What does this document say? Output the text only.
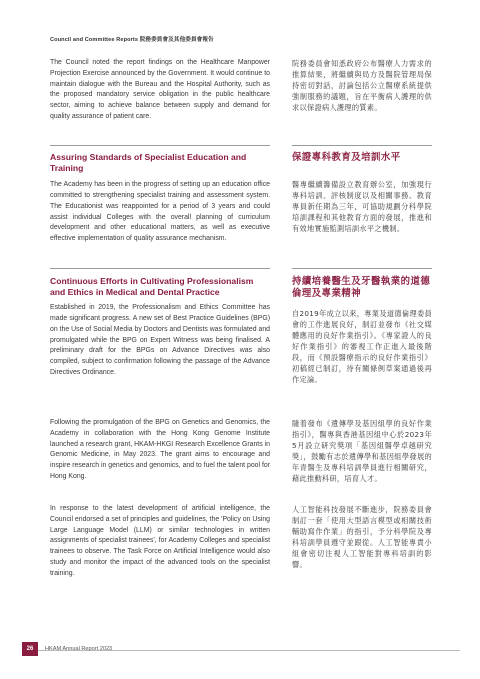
Council and Committee Reports 院務委員會及其他委員會報告

The Council noted the report findings on the Healthcare Manpower Projection Exercise announced by the Government. It would continue to maintain dialogue with the Bureau and the Hospital Authority, such as the proposed mandatory service obligation in the public healthcare sector, aiming to achieve balance between supply and demand for quality assurance of patient care.

院務委員會知悉政府公布醫療人力需求的推算結果，將繼續與局方及醫院管理局保持密切對話，討論包括公立醫療系統提供強制服務的議題，旨在平衡病人護理的供求以保證病人護理的質素。

Assuring Standards of Specialist Education and Training

The Academy has been in the progress of setting up an education office committed to strengthening specialist training and assessment system. The Educationist was reappointed for a period of 3 years and could assist individual Colleges with the overall planning of curriculum development and other educational matters, as well as executive effective implementation of quality assurance mechanism.

保證專科教育及培訓水平

醫專繼續籌備設立教育辦公室，加強現行專科培訓、評核制度以及相關事務。教育專員新任期為三年，可協助規劃分科學院培訓課程和其他教育方面的發展，推進和有效地實施監測培訓水平之機制。

Continuous Efforts in Cultivating Professionalism and Ethics in Medical and Dental Practice

Established in 2019, the Professionalism and Ethics Committee has made significant progress. A new set of Best Practice Guidelines (BPG) on the Use of Social Media by Doctors and Dentists was formulated and promulgated while the BPG on Expert Witness was being finalised. A preliminary draft for the BPGs on Advance Directives was also compiled, subject to confirmation following the passage of the Advance Directives Ordinance.

持續培養醫生及牙醫執業的道德倫理及專業精神

自2019年成立以來，專業及道德倫理委員會的工作進展良好，制訂並發布《社交媒體應用的良好作業指引》。《專家證人的良好作業指引》的審視工作正進入最後階段，而《預設醫療指示的良好作業指引》初稿經已制訂，待有關條例草案通過後再作定論。

Following the promulgation of the BPG on Genetics and Genomics, the Academy in collaboration with the Hong Kong Genome Institute launched a research grant, HKAM-HKGI Research Excellence Grants in Genomic Medicine, in May 2023. The grant aims to encourage and inspire research in genetics and genomics, and to fuel the talent pool for Hong Kong.

隨着發布《遺傳學及基因組學的良好作業指引》，醫專與香港基因組中心於2023年5月設立研究獎項「基因組醫學卓越研究獎」，鼓勵有志於遺傳學和基因組學發展的年青醫生及專科培訓學員進行相關研究，藉此推動科研，培育人才。

In response to the latest development of artificial intelligence, the Council endorsed a set of principles and guidelines, the 'Policy on Using Large Language Model (LLM) or similar technologies in written assignments of specialist trainees', for Academy Colleges and specialist trainees to observe. The Task Force on Artificial Intelligence would also study and monitor the impact of the advanced tools on the specialist training.

人工智能科技發展不斷進步，院務委員會制訂一套「使用大型語言模型或相關技術輔助寫作作業」的指引，予分科學院及專科培訓學員遵守並跟從。人工智能專責小組會密切注視人工智能對專科培訓的影響。

26	HKAM Annual Report 2023
